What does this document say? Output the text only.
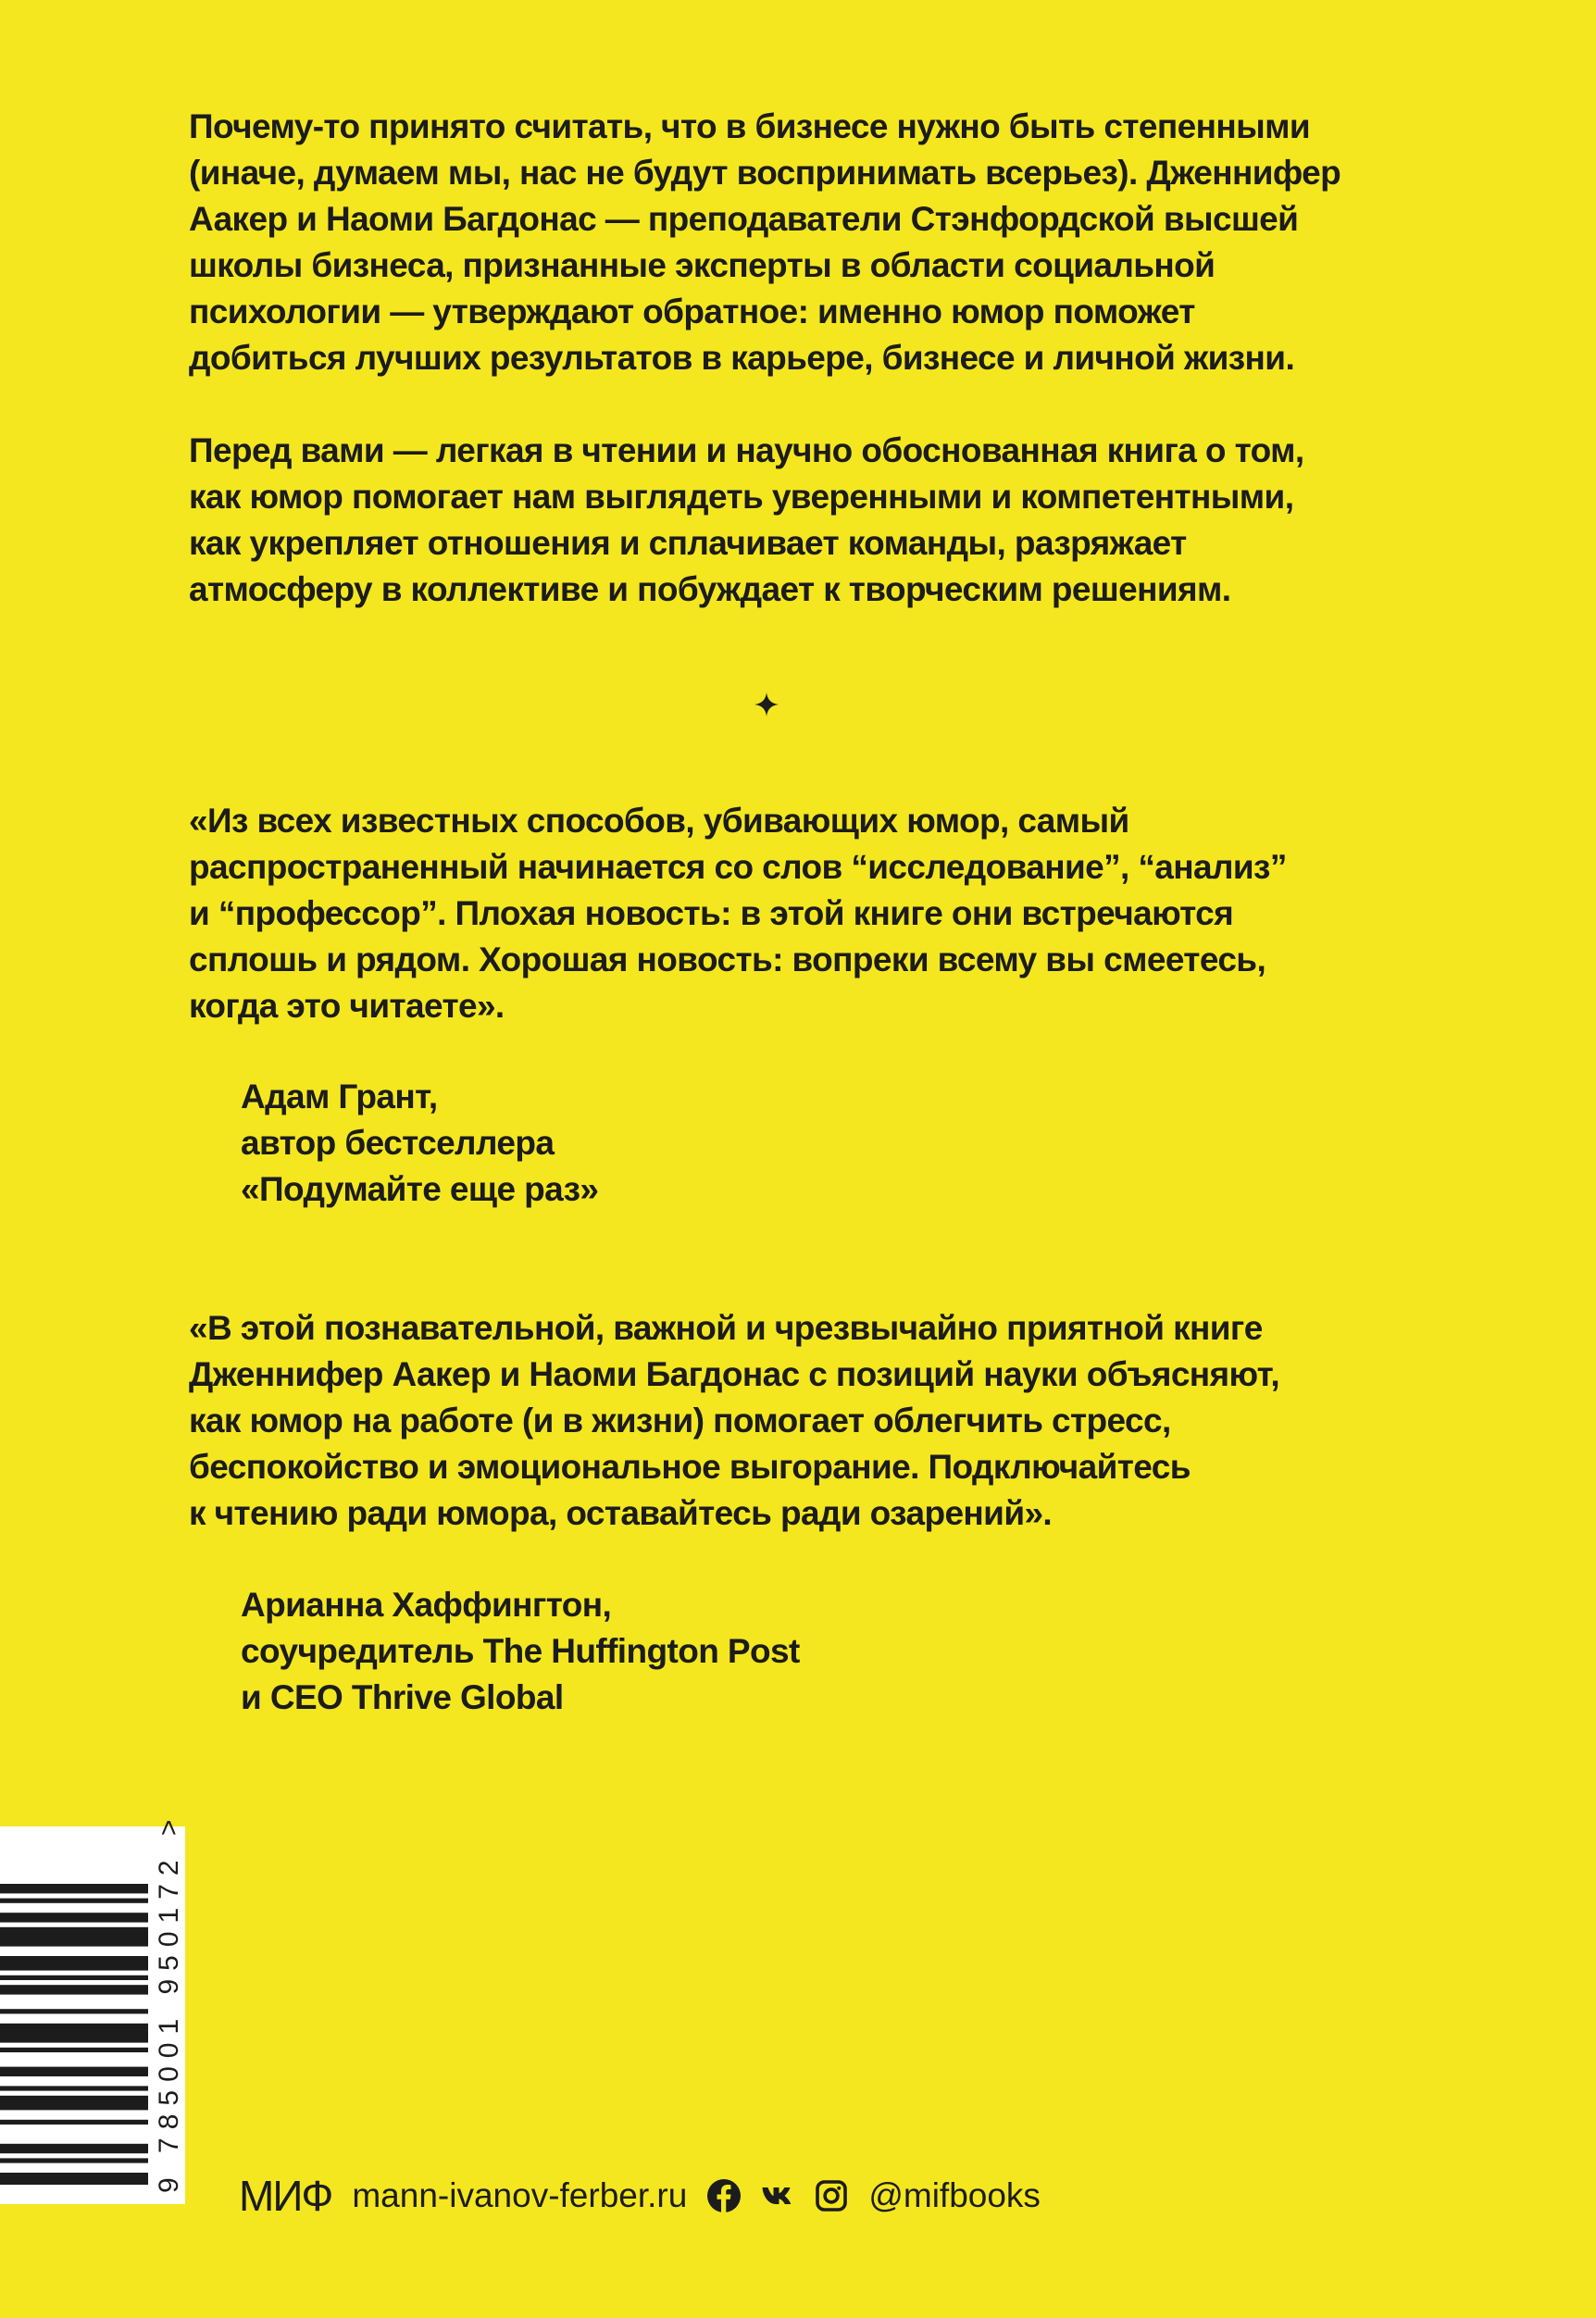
Почему-то принято считать, что в бизнесе нужно быть степенными

(иначе, думаем мы, нас не будут воспринимать всерьез). Дженнифер

Аакер и Наоми Багдонас — преподаватели Стэнфордской высшей

школы бизнеса, признанные эксперты в области социальной

психологии — утверждают обратное: именно юмор поможет

добиться лучших результатов в карьере, бизнесе и личной жизни.

Перед вами — легкая в чтении и научно обоснованная книга о том,

как юмор помогает нам выглядеть уверенными и компетентными,

как укрепляет отношения и сплачивает команды, разряжает

атмосферу в коллективе и побуждает к творческим решениям.

«Из всех известных способов, убивающих юмор, самый

распространенный начинается со слов “исследование”, “анализ”

и “профессор”. Плохая новость: в этой книге они встречаются

сплошь и рядом. Хорошая новость: вопреки всему вы смеетесь,

когда это читаете».

Адам Грант,

автор бестселлера

«Подумайте еще раз»

«В этой познавательной, важной и чрезвычайно приятной книге

Дженнифер Аакер и Наоми Багдонас с позиций науки объясняют,

как юмор на работе (и в жизни) помогает облегчить стресс,

беспокойство и эмоциональное выгорание. Подключайтесь

к чтению ради юмора, оставайтесь ради озарений».

Арианна Хаффингтон,

соучредитель The Huffington Post

и CEO Thrive Global

9 785001 950172 >
МИФ mann-ivanov-ferber.ru	@mifbooks
